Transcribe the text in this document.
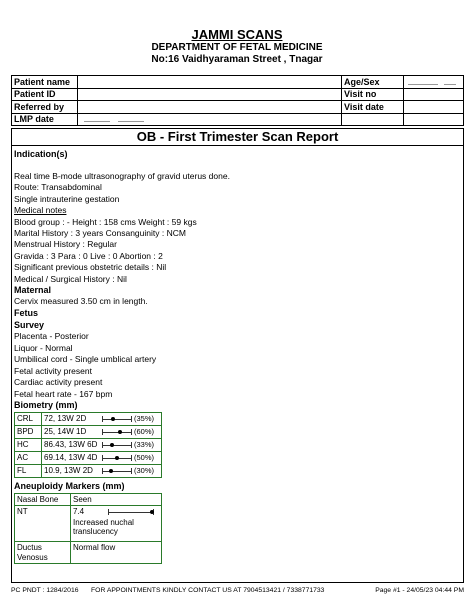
JAMMI SCANS
DEPARTMENT OF FETAL MEDICINE
No:16 Vaidhyaraman Street , Tnagar
Patient name		Age/Sex	
Patient ID		Visit no	
Referred by		Visit date	
LMP date			
OB - First Trimester Scan Report
Indication(s)
Real time B-mode ultrasonography of gravid uterus done.
Route: Transabdominal
Single intrauterine gestation
Medical notes
Blood group : - Height : 158 cms Weight : 59 kgs
Marital History : 3 years Consanguinity : NCM
Menstrual History : Regular
Gravida : 3 Para : 0 Live : 0 Abortion : 2
Significant previous obstetric details : Nil
Medical / Surgical History : Nil
Maternal
Cervix measured 3.50 cm in length.
Fetus
Survey
Placenta - Posterior
Liquor - Normal
Umbilical cord - Single umblical artery
Fetal activity present
Cardiac activity present
Fetal heart rate - 167 bpm
Biometry (mm)
CRL	72, 13W 2D (35%)
BPD	25, 14W 1D (60%)
HC	86.43, 13W 6D (33%)
AC	69.14, 13W 4D (50%)
FL	10.9, 13W 2D (30%)
Aneuploidy Markers (mm)
Nasal Bone	Seen
NT	7.4
Increased nuchal translucency

Ductus Venosus	Normal flow
PC PNDT : 1284/2016 FOR APPOINTMENTS KINDLY CONTACT US AT 7904513421 / 7338771733	Page #1 - 24/05/23 04:44 PM
